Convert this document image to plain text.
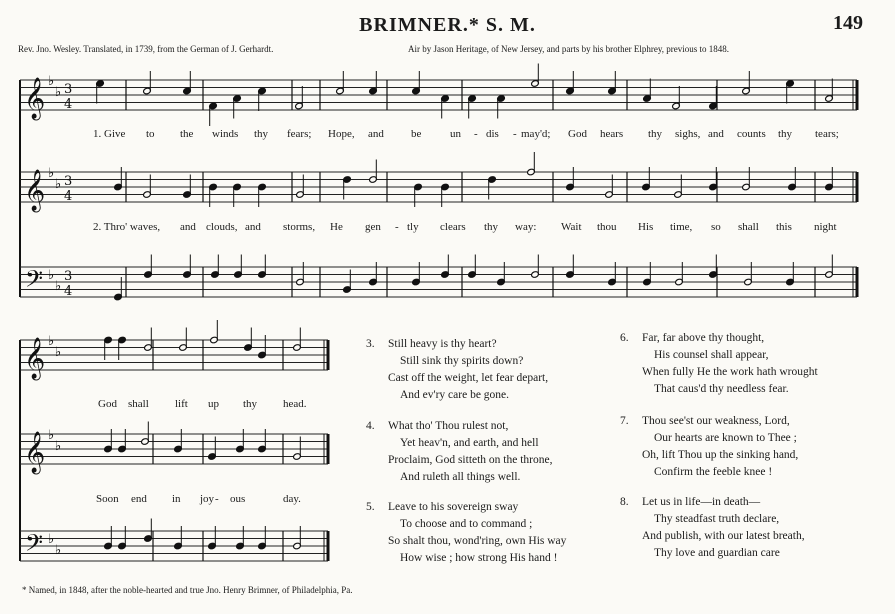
BRIMNER.* S. M.	149
Rev. Jno. Wesley. Translated, in 1739, from the German of J. Gerhardt.	Air by Jason Heritage, of New Jersey, and parts by his brother Elphrey, previous to 1848.
𝄞 ♭
♭ 3
4
𝄞 ♭
♭ 3
4
𝄢 ♭
♭
3
4
𝄞 ♭
♭
𝄞 ♭
♭
𝄢 ♭
♭
1. Give to the winds thy fears; Hope, and be	un - dis - may'd; God hears thy sighs, and counts thy tears;
2. Thro' waves, and clouds, and storms, He gen - tly clears thy way: Wait thou His time, so shall this night
God shall lift up thy head.
Soon end in joy - ous	day.
3. Still heavy is thy heart?
Still sink thy spirits down?
Cast off the weight, let fear depart,
And ev'ry care be gone.
4. What tho' Thou rulest not,
Yet heav'n, and earth, and hell
Proclaim, God sitteth on the throne,
And ruleth all things well.
5. Leave to his sovereign sway
To choose and to command ;
So shalt thou, wond'ring, own His way
How wise ; how strong His hand !
6. Far, far above thy thought,
His counsel shall appear,
When fully He the work hath wrought
That caus'd thy needless fear.
7. Thou see'st our weakness, Lord,
Our hearts are known to Thee ;
Oh, lift Thou up the sinking hand,
Confirm the feeble knee !
8. Let us in life—in death—
Thy steadfast truth declare,
And publish, with our latest breath,
Thy love and guardian care
* Named, in 1848, after the noble-hearted and true Jno. Henry Brimner, of Philadelphia, Pa.
